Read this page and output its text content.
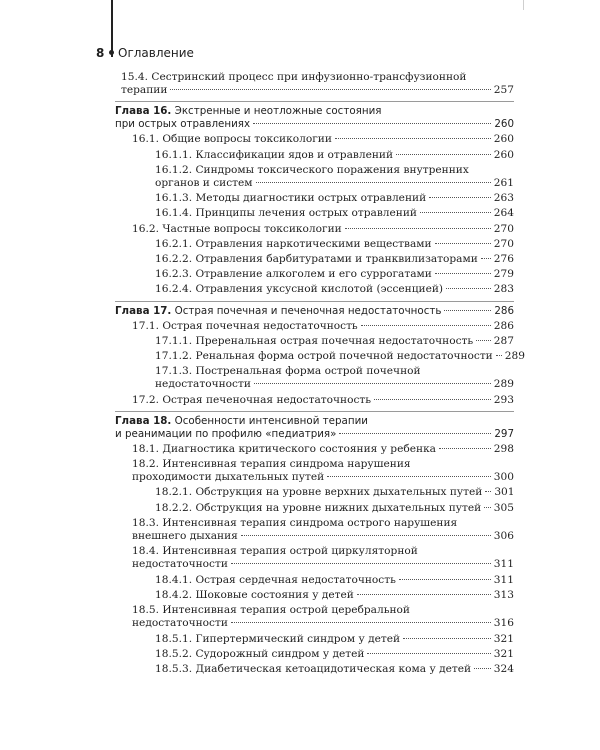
8 Оглавление
15.4. Сестринский процесс при инфузионно-трансфузионной
терапии	257
Глава 16. Экстренные и неотложные состояния
при острых отравлениях	260
16.1. Общие вопросы токсикологии	260
16.1.1. Классификации ядов и отравлений	260
16.1.2. Синдромы токсического поражения внутренних
органов и систем	261
16.1.3. Методы диагностики острых отравлений	263
16.1.4. Принципы лечения острых отравлений	264
16.2. Частные вопросы токсикологии	270
16.2.1. Отравления наркотическими веществами	270
16.2.2. Отравления барбитуратами и транквилизаторами 276
16.2.3. Отравление алкоголем и его суррогатами	279
16.2.4. Отравления уксусной кислотой (эссенцией)	283
Глава 17. Острая почечная и печеночная недостаточность	286
17.1. Острая почечная недостаточность	286
17.1.1. Преренальная острая почечная недостаточность 287
17.1.2. Ренальная форма острой почечной недостаточности 289
17.1.3. Постренальная форма острой почечной
недостаточности	289
17.2. Острая печеночная недостаточность	293
Глава 18. Особенности интенсивной терапии
и реанимации по профилю «педиатрия»	297
18.1. Диагностика критического состояния у ребенка	298
18.2. Интенсивная терапия синдрома нарушения
проходимости дыхательных путей	300
18.2.1. Обструкция на уровне верхних дыхательных путей 301
18.2.2. Обструкция на уровне нижних дыхательных путей 305
18.3. Интенсивная терапия синдрома острого нарушения
внешнего дыхания	306
18.4. Интенсивная терапия острой циркуляторной
недостаточности	311
18.4.1. Острая сердечная недостаточность	311
18.4.2. Шоковые состояния у детей	313
18.5. Интенсивная терапия острой церебральной
недостаточности	316
18.5.1. Гипертермический синдром у детей	321
18.5.2. Судорожный синдром у детей	321
18.5.3. Диабетическая кетоацидотическая кома у детей 324
